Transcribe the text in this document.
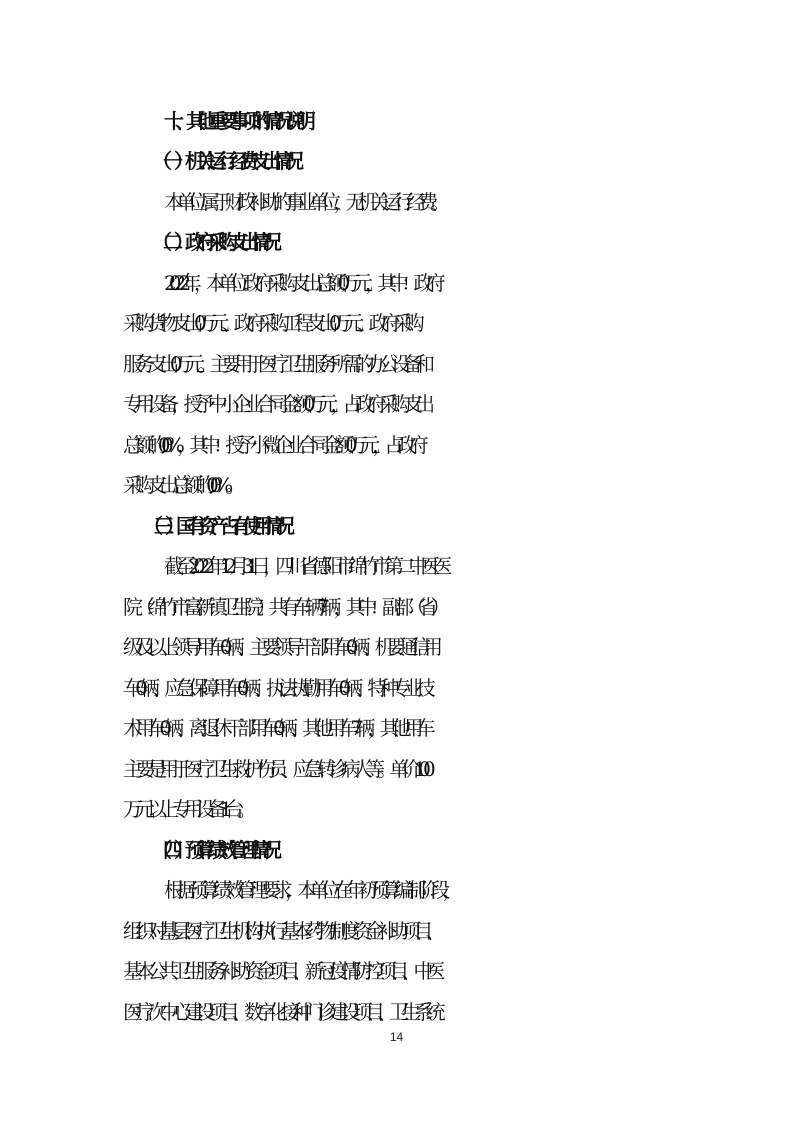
十、其他重要事项的情况说明
（一）机关运行经费支出情况
本单位属于财政补助的事业单位，无机关运行经费。
（二）政府采购支出情况
2022 年，本单位政府采购支出总额 0 万元，其中：政府
采购货物支出 0 万元、政府采购工程支出 0 万元、政府采购
服务支出 0 万元。主要用于医疗卫生服务所需的办公设备和
专用设备，授予中小企业合同金额 0 万元，占政府采购支出
总额的 0.0%，其中：授予小微企业合同金额 0 万元，占政府
采购支出总额的 0.0%。
（三）国有资产占有使用情况
截至2022年12月31日，四川省德阳市绵竹市第二中医医
院（绵竹市富新镇卫生院）共有车辆7辆，其中：副部（省）
级及以上领导用车0辆、主要领导干部用车0辆、机要通信用
车0辆、应急保障用车0辆、执法执勤用车0辆、特种专业技
术用车0辆、离退休干部用车0辆、其他用车7辆，其他用车
主要是用于医疗卫生救护伤员、应急转诊病人等。单价100
万元以上专用设备1台。
（四）预算绩效管理情况
根据预算绩效管理要求，本单位在年初预算编制阶段，
组织对基层医疗卫生机构执行基本药物制度资金补助项目、
基本公共卫生服务补助资金项目、新冠疫情防控项目、中医
医疗次中心建设项目、数字化接种门诊建设项目、卫生系统
14
